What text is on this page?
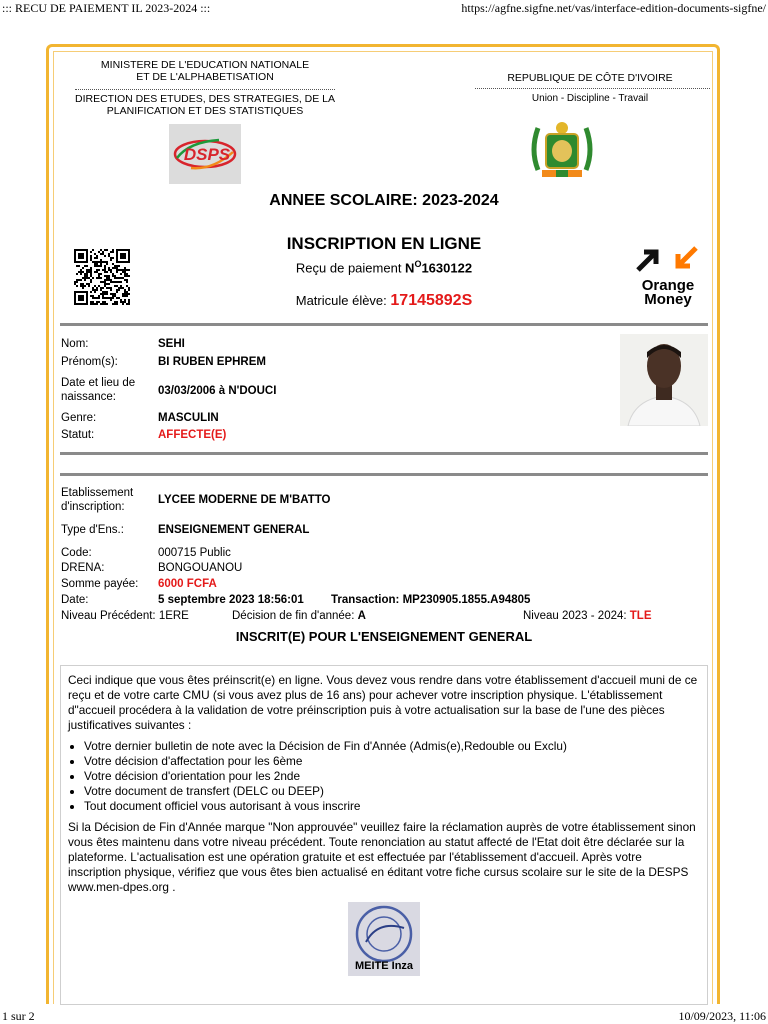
::: RECU DE PAIEMENT IL 2023-2024 :::	https://agfne.sigfne.net/vas/interface-edition-documents-sigfne/
1 sur 2	10/09/2023, 11:06
MINISTERE DE L'EDUCATION NATIONALE
ET DE L'ALPHABETISATION
DIRECTION DES ETUDES, DES STRATEGIES, DE LA
PLANIFICATION ET DES STATISTIQUES
DSPS
REPUBLIQUE DE CÔTE D'IVOIRE
Union - Discipline - Travail
ANNEE SCOLAIRE: 2023-2024
INSCRIPTION EN LIGNE
Reçu de paiement $N^O1630122$
Matricule élève: 17145892S
Orange
Money
Nom:	SEHI
Prénom(s):	BI RUBEN EPHREM
Date et lieu de
naissance:	03/03/2006 à N'DOUCI
Genre:	MASCULIN
Statut:	AFFECTE(E)
Etablissement
d'inscription:
LYCEE MODERNE DE M'BATTO
Type d'Ens.:	ENSEIGNEMENT GENERAL
Code:	000715 Public
DRENA:	BONGOUANOU
Somme payée: 6000 FCFA
Date:	5 septembre 2023 18:56:01 Transaction: MP230905.1855.A94805
Niveau Précédent: 1ERE	Décision de fin d'année: A	Niveau 2023 - 2024: TLE
INSCRIT(E) POUR L'ENSEIGNEMENT GENERAL

Ceci indique que vous êtes préinscrit(e) en ligne. Vous devez vous rendre dans votre établissement d'accueil muni de ce reçu et de votre carte CMU (si vous avez plus de 16 ans) pour achever votre inscription physique. L'établissement d"accueil procédera à la validation de votre préinscription puis à votre actualisation sur la base de l'une des pièces justificatives suivantes :

• Votre dernier bulletin de note avec la Décision de Fin d'Année (Admis(e),Redouble ou Exclu)
• Votre décision d'affectation pour les 6ème
• Votre décision d'orientation pour les 2nde
• Votre document de transfert (DELC ou DEEP)
• Tout document officiel vous autorisant à vous inscrire

Si la Décision de Fin d'Année marque "Non approuvée" veuillez faire la réclamation auprès de votre établissement sinon vous êtes maintenu dans votre niveau précédent. Toute renonciation au statut affecté de l'Etat doit être déclarée sur la plateforme. L'actualisation est une opération gratuite et est effectuée par l'établissement d'accueil. Après votre inscription physique, vérifiez que vous êtes bien actualisé en éditant votre fiche cursus scolaire sur le site de la DESPS www.men-dpes.org .

MEITE Inza
